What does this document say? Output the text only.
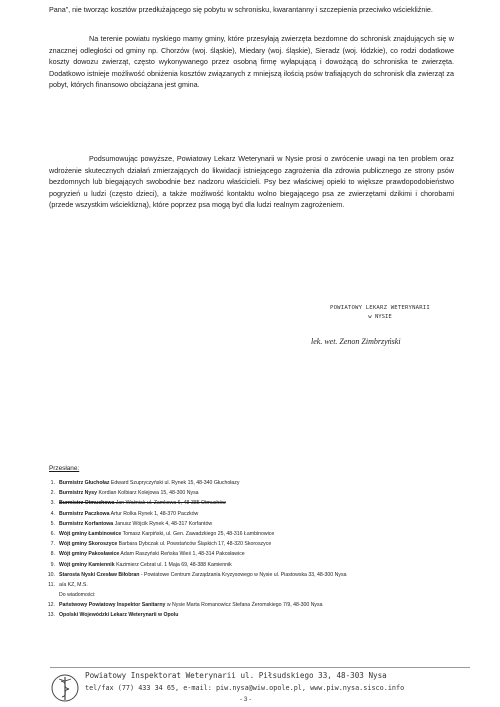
Pana”, nie tworząc kosztów przedłużającego się pobytu w schronisku, kwarantanny i szczepienia przeciwko wściekliźnie.

Na terenie powiatu nyskiego mamy gminy, które przesyłają zwierzęta bezdomne do schronisk znajdujących się w znacznej odległości od gminy np. Chorzów (woj. śląskie), Miedary (woj. śląskie), Sieradz (woj. łódzkie), co rodzi dodatkowe koszty dowozu zwierząt, często wykonywanego przez osobną firmę wyłapującą i dowożącą do schroniska te zwierzęta. Dodatkowo istnieje możliwość obniżenia kosztów związanych z mniejszą ilością psów trafiających do schronisk dla zwierząt za pobyt, których finansowo obciążana jest gmina.

Podsumowując powyższe, Powiatowy Lekarz Weterynarii w Nysie prosi o zwrócenie uwagi na ten problem oraz wdrożenie skutecznych działań zmierzających do likwidacji istniejącego zagrożenia dla zdrowia publicznego ze strony psów bezdomnych lub biegających swobodnie bez nadzoru właścicieli. Psy bez właściwej opieki to większe prawdopodobieństwo pogryzień u ludzi (często dzieci), a także możliwość kontaktu wolno biegającego psa ze zwierzętami dzikimi i chorobami (przede wszystkim wścieklizną), które poprzez psa mogą być dla ludzi realnym zagrożeniem.

POWIATOWY LEKARZ WETERYNARII
w NYSIE
lek. wet. Zenon Zimbrzyński
Przesłane:
1. Burmistrz Głuchołaz Edward Szupryczyński ul. Rynek 15, 48-340 Głuchołazy
2. Burmistrz Nysy Kordian Kolbiarz Kolejowa 15, 48-300 Nysa
3. Burmistrz Otmuchowa Jan Woźniak ul. Zamkowa 6, 48-385 Otmuchów
4. Burmistrz Paczkowa Artur Rolka Rynek 1, 48-370 Paczków
5. Burmistrz Korfantowa Janusz Wójcik Rynek 4, 48-317 Korfantów
6. Wójt gminy Łambinowice Tomasz Karpiński, ul. Gen. Zawadzkiego 25, 48-316 Łambinowice
7. Wójt gminy Skoroszyce Barbara Dybczak ul. Powstańców Śląskich 17, 48-320 Skoroszyce
8. Wójt gminy Pakosławice Adam Raszyński Reńska Wieś 1, 48-314 Pakosławice
9. Wójt gminy Kamiennik Kazimierz Cebrat ul. 1 Maja 69, 48-388 Kamiennik
10. Starosta Nyski Czesław Biłobran - Powiatowe Centrum Zarządzania Kryzysowego w Nysie ul. Piastowska 33, 48-300 Nysa
11. a/a KZ, M.S.
Do wiadomości:
12. Państwowy Powiatowy Inspektor Sanitarny w Nysie Marta Romanowicz Stefana Żeromskiego 7/9, 48-300 Nysa
13. Opolski Wojewódzki Lekarz Weterynarii w Opolu
Powiatowy Inspektorat Weterynarii ul. Piłsudskiego 33, 48-303 Nysa
tel/fax (77) 433 34 65, e-mail: piw.nysa@wiw.opole.pl, www.piw.nysa.sisco.info
- 3 -
